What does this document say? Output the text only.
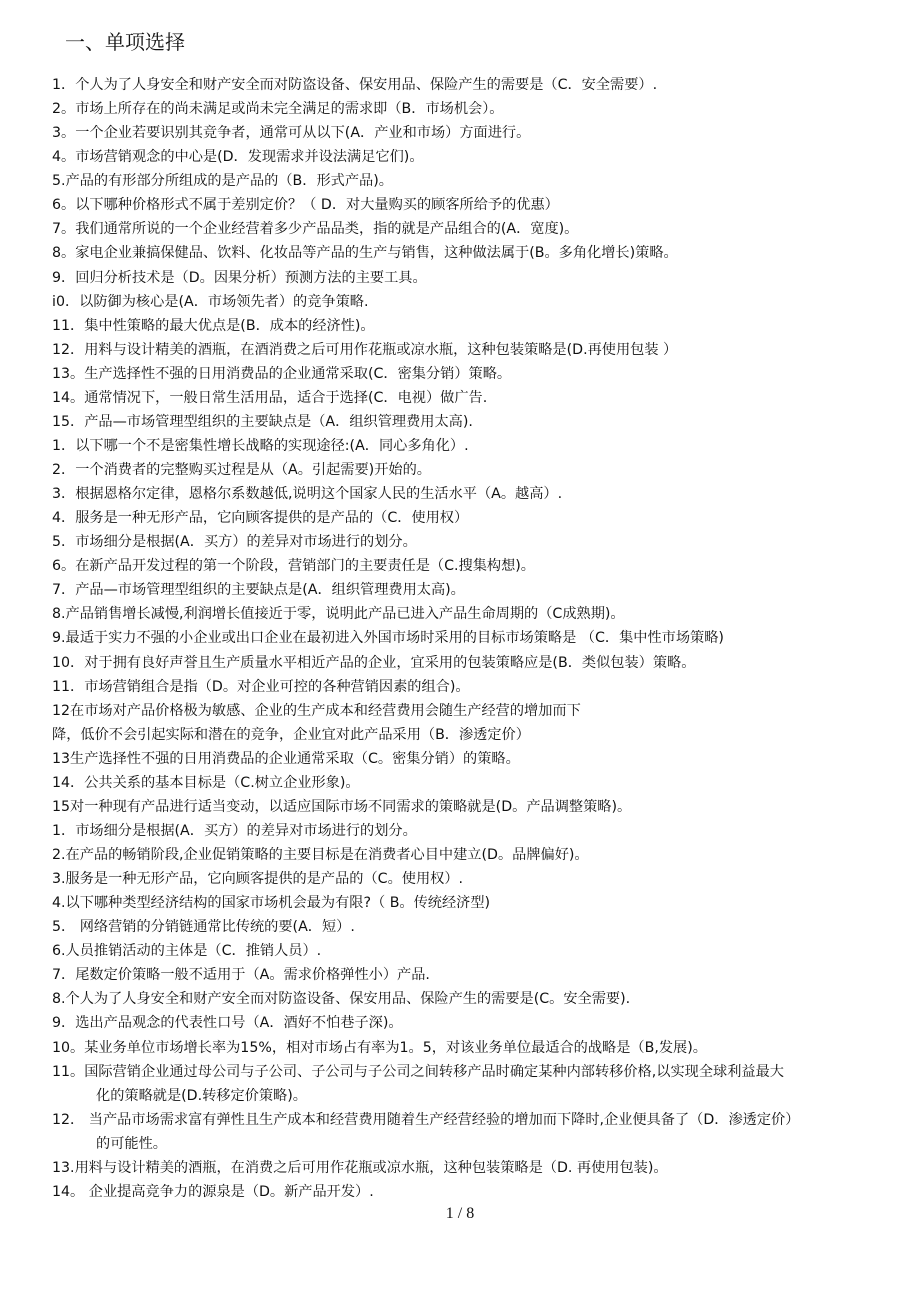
一、单项选择
1．个人为了人身安全和财产安全而对防盗设备、保安用品、保险产生的需要是（C．安全需要）.
2。市场上所存在的尚未满足或尚未完全满足的需求即（B．市场机会）。
3。一个企业若要识别其竞争者，通常可从以下(A．产业和市场）方面进行。
4。市场营销观念的中心是(D．发现需求并设法满足它们)。
5.产品的有形部分所组成的是产品的（B．形式产品)。
6。以下哪种价格形式不属于差别定价？（ D．对大量购买的顾客所给予的优惠）
7。我们通常所说的一个企业经营着多少产品品类，指的就是产品组合的(A．宽度)。
8。家电企业兼搞保健品、饮料、化妆品等产品的生产与销售，这种做法属于(B。多角化增长)策略。
9．回归分析技术是（D。因果分析）预测方法的主要工具。
i0．以防御为核心是(A．市场领先者）的竞争策略.
11．集中性策略的最大优点是(B．成本的经济性)。
12．用料与设计精美的酒瓶，在酒消费之后可用作花瓶或凉水瓶，这种包装策略是(D.再使用包装 ）
13。生产选择性不强的日用消费品的企业通常采取(C．密集分销）策略。
14。通常情况下，一般日常生活用品，适合于选择(C．电视）做广告.
15．产品—市场管理型组织的主要缺点是（A．组织管理费用太高).
1．以下哪一个不是密集性增长战略的实现途径:(A．同心多角化）.
2．一个消费者的完整购买过程是从（A。引起需要)开始的。
3．根据恩格尔定律，恩格尔系数越低,说明这个国家人民的生活水平（A。越高）.
4．服务是一种无形产品，它向顾客提供的是产品的（C．使用权）
5．市场细分是根据(A．买方）的差异对市场进行的划分。
6。在新产品开发过程的第一个阶段，营销部门的主要责任是（C.搜集构想)。
7．产品—市场管理型组织的主要缺点是(A．组织管理费用太高)。
8.产品销售增长减慢,利润增长值接近于零，说明此产品已进入产品生命周期的（C成熟期)。
9.最适于实力不强的小企业或出口企业在最初进入外国市场时采用的目标市场策略是 （C．集中性市场策略)
10．对于拥有良好声誉且生产质量水平相近产品的企业，宜采用的包装策略应是(B．类似包装）策略。
11．市场营销组合是指（D。对企业可控的各种营销因素的组合)。
12在市场对产品价格极为敏感、企业的生产成本和经营费用会随生产经营的增加而下
降，低价不会引起实际和潜在的竞争，企业宜对此产品采用（B．渗透定价）
13生产选择性不强的日用消费品的企业通常采取（C。密集分销）的策略。
14．公共关系的基本目标是（C.树立企业形象)。
15对一种现有产品进行适当变动，以适应国际市场不同需求的策略就是(D。产品调整策略)。
1．市场细分是根据(A．买方）的差异对市场进行的划分。
2.在产品的畅销阶段,企业促销策略的主要目标是在消费者心目中建立(D。品牌偏好)。
3.服务是一种无形产品，它向顾客提供的是产品的（C。使用权）.
4.以下哪种类型经济结构的国家市场机会最为有限?（ B。传统经济型)
5． 网络营销的分销链通常比传统的要(A．短）.
6.人员推销活动的主体是（C．推销人员）.
7．尾数定价策略一般不适用于（A。需求价格弹性小）产品.
8.个人为了人身安全和财产安全而对防盗设备、保安用品、保险产生的需要是(C。安全需要).
9．选出产品观念的代表性口号（A．酒好不怕巷子深)。
10。某业务单位市场增长率为15%，相对市场占有率为1。5，对该业务单位最适合的战略是（B,发展)。
11。国际营销企业通过母公司与子公司、子公司与子公司之间转移产品时确定某种内部转移价格,以实现全球利益最大
化的策略就是(D.转移定价策略)。
12． 当产品市场需求富有弹性且生产成本和经营费用随着生产经营经验的增加而下降时,企业便具备了（D．渗透定价）
的可能性。
13.用料与设计精美的酒瓶，在消费之后可用作花瓶或凉水瓶，这种包装策略是（D. 再使用包装)。
14。 企业提高竞争力的源泉是（D。新产品开发）.
1 / 8
